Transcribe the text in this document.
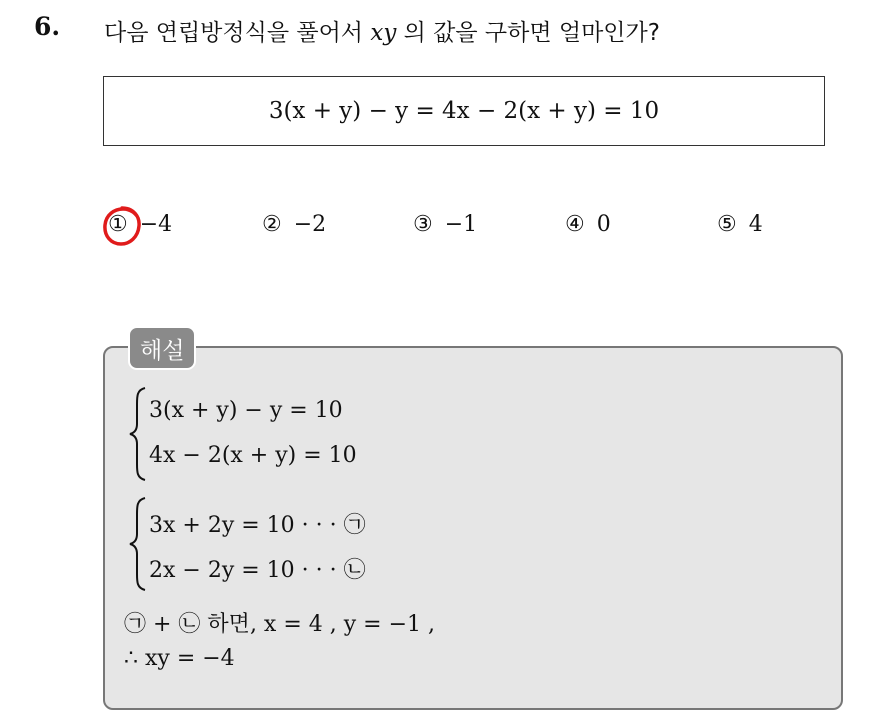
6. 다음 연립방정식을 풀어서 xy 의 값을 구하면 얼마인가?
3(x + y) − y = 4x − 2(x + y) = 10
① −4	② −2	③ −1	④ 0	⑤ 4
해설
3(x + y) − y = 10
4x − 2(x + y) = 10
3x + 2y = 10 · · · ㉠
2x − 2y = 10 · · · ㉡
㉠ + ㉡ 하면, x = 4 , y = −1 ,
∴ xy = −4
